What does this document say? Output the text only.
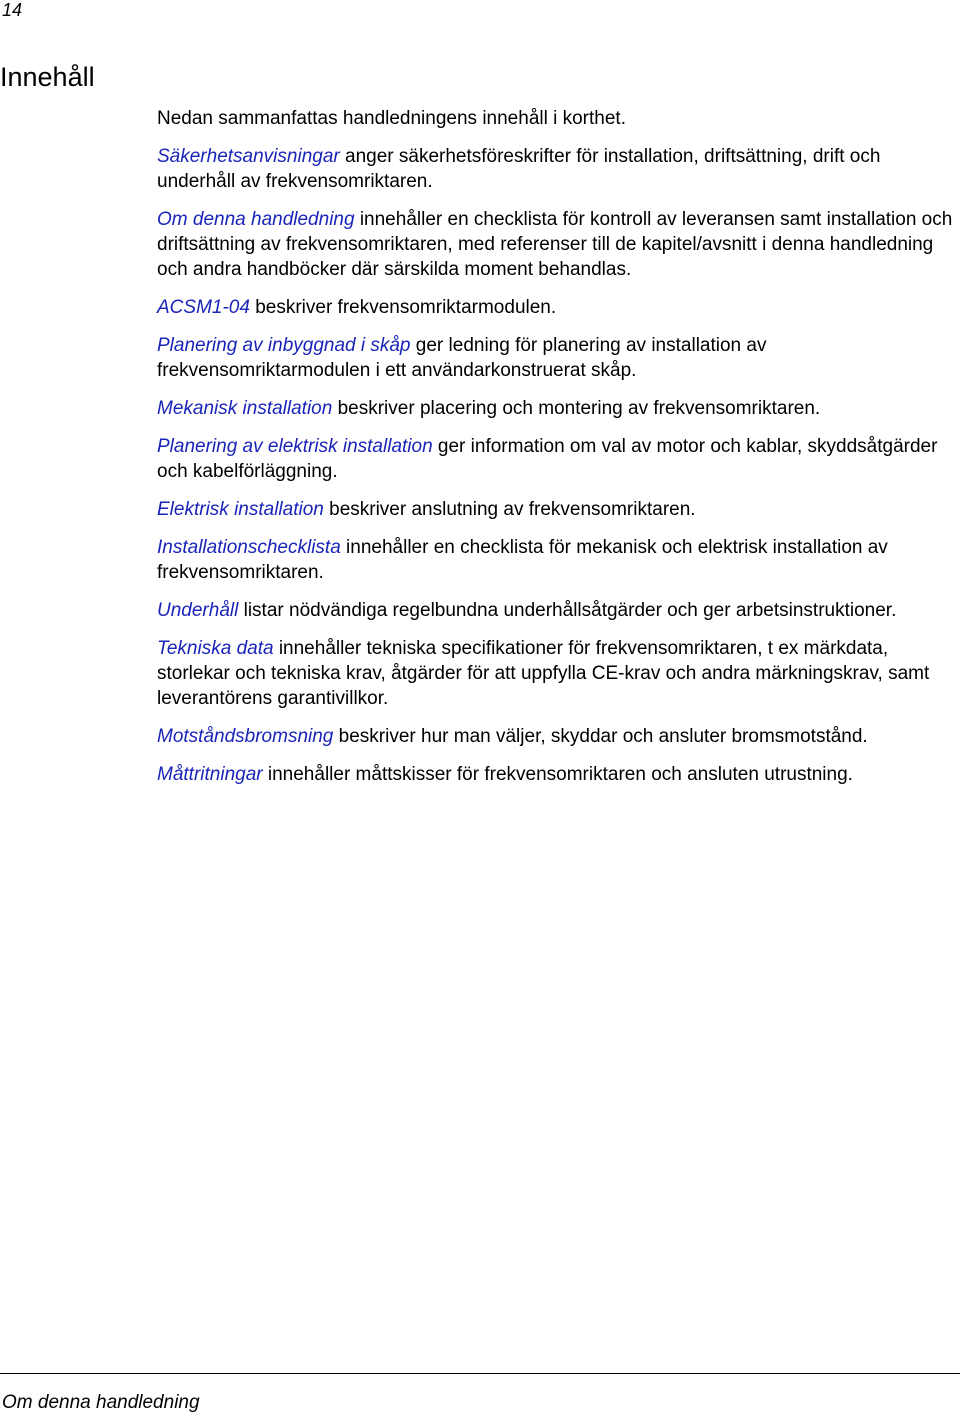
14
Innehåll

Nedan sammanfattas handledningens innehåll i korthet.

Säkerhetsanvisningar anger säkerhetsföreskrifter för installation, driftsättning, drift och underhåll av frekvensomriktaren.

Om denna handledning innehåller en checklista för kontroll av leveransen samt installation och driftsättning av frekvensomriktaren, med referenser till de kapitel/avsnitt i denna handledning och andra handböcker där särskilda moment behandlas.

ACSM1-04 beskriver frekvensomriktarmodulen.

Planering av inbyggnad i skåp ger ledning för planering av installation av frekvensomriktarmodulen i ett användarkonstruerat skåp.

Mekanisk installation beskriver placering och montering av frekvensomriktaren.

Planering av elektrisk installation ger information om val av motor och kablar, skyddsåtgärder och kabelförläggning.

Elektrisk installation beskriver anslutning av frekvensomriktaren.

Installationschecklista innehåller en checklista för mekanisk och elektrisk installation av frekvensomriktaren.

Underhåll listar nödvändiga regelbundna underhållsåtgärder och ger arbetsinstruktioner.

Tekniska data innehåller tekniska specifikationer för frekvensomriktaren, t ex märkdata, storlekar och tekniska krav, åtgärder för att uppfylla CE-krav och andra märkningskrav, samt leverantörens garantivillkor.

Motståndsbromsning beskriver hur man väljer, skyddar och ansluter bromsmotstånd.

Måttritningar innehåller måttskisser för frekvensomriktaren och ansluten utrustning.

Om denna handledning
